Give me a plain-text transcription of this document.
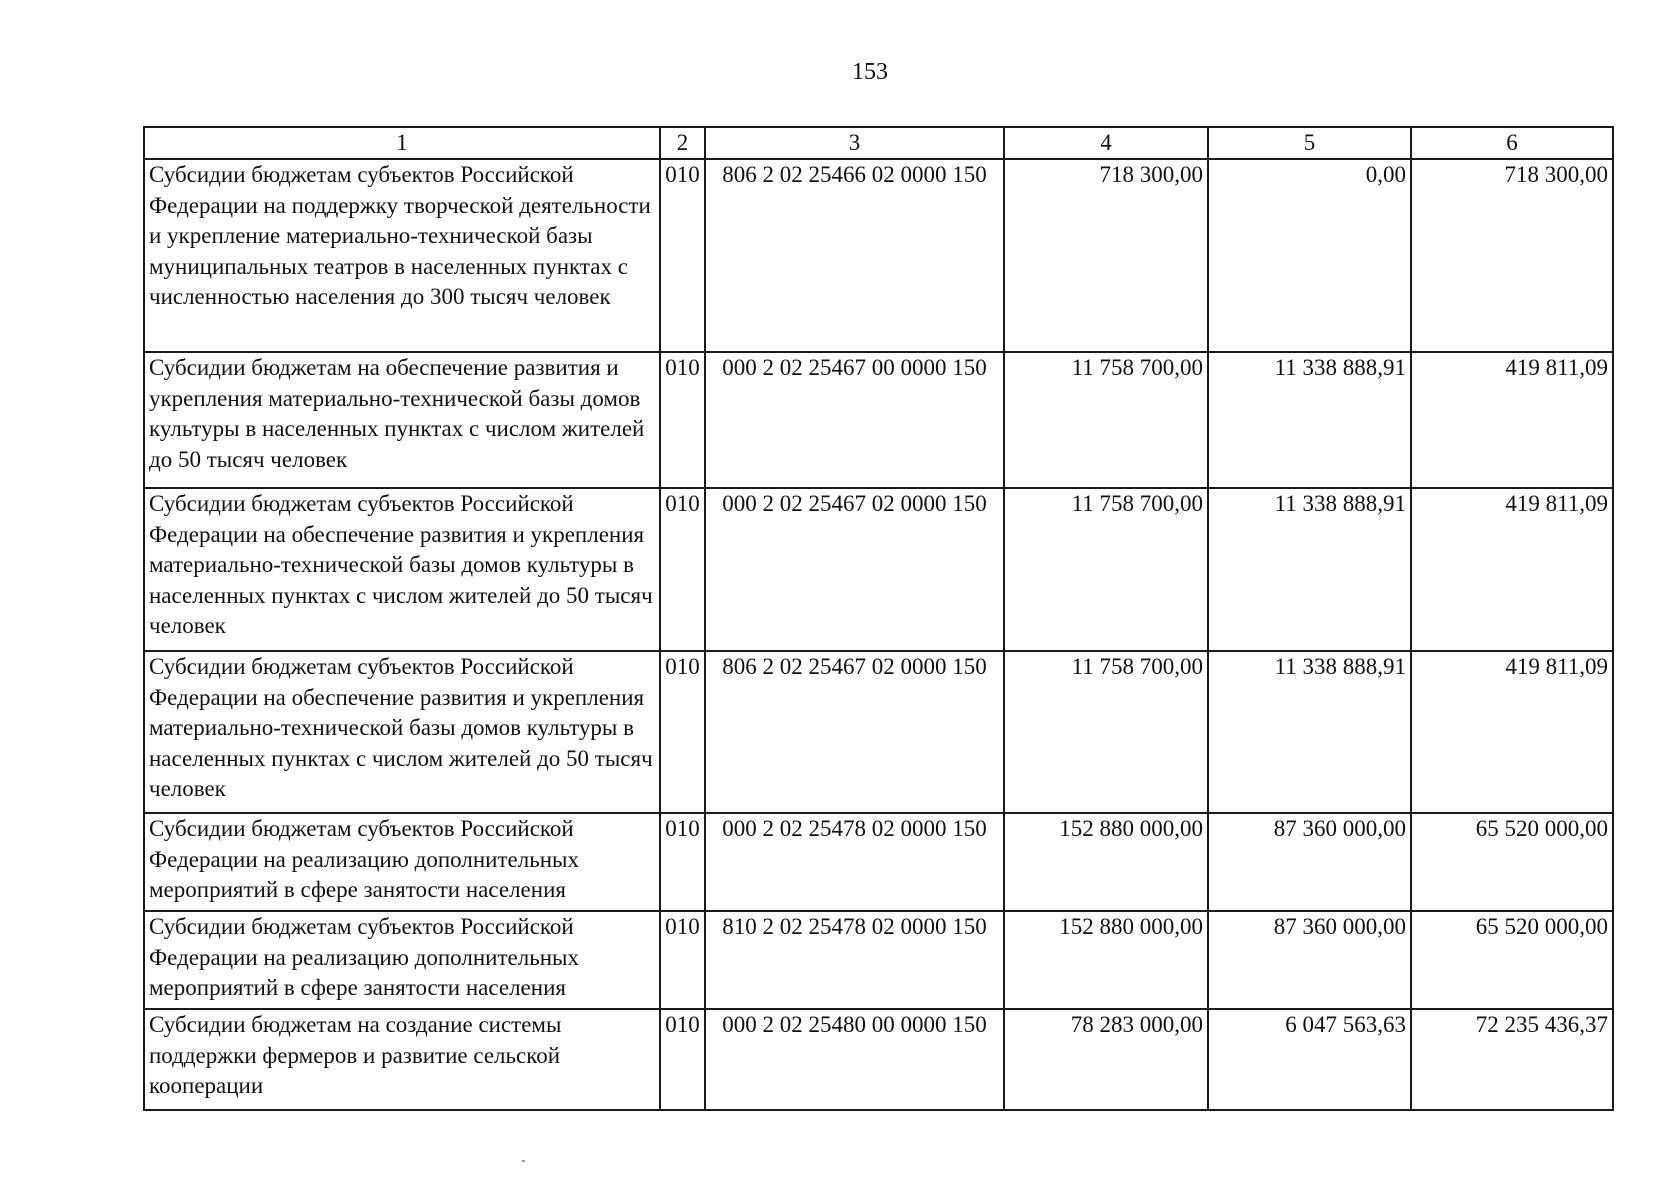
153
1	2	3	4	5	6
Субсидии бюджетам субъектов Российской Федерации на поддержку творческой деятельности и укрепление материально-технической базы муниципальных театров в населенных пунктах с численностью населения до 300 тысяч человек	010	806 2 02 25466 02 0000 150	718 300,00	0,00	718 300,00
Субсидии бюджетам на обеспечение развития и укрепления материально-технической базы домов культуры в населенных пунктах с числом жителей до 50 тысяч человек	010	000 2 02 25467 00 0000 150	11 758 700,00	11 338 888,91	419 811,09
Субсидии бюджетам субъектов Российской Федерации на обеспечение развития и укрепления материально-технической базы домов культуры в населенных пунктах с числом жителей до 50 тысяч человек	010	000 2 02 25467 02 0000 150	11 758 700,00	11 338 888,91	419 811,09
Субсидии бюджетам субъектов Российской Федерации на обеспечение развития и укрепления материально-технической базы домов культуры в населенных пунктах с числом жителей до 50 тысяч человек	010	806 2 02 25467 02 0000 150	11 758 700,00	11 338 888,91	419 811,09
Субсидии бюджетам субъектов Российской Федерации на реализацию дополнительных мероприятий в сфере занятости населения	010	000 2 02 25478 02 0000 150	152 880 000,00	87 360 000,00	65 520 000,00
Субсидии бюджетам субъектов Российской Федерации на реализацию дополнительных мероприятий в сфере занятости населения	010	810 2 02 25478 02 0000 150	152 880 000,00	87 360 000,00	65 520 000,00
Субсидии бюджетам на создание системы поддержки фермеров и развитие сельской кооперации	010	000 2 02 25480 00 0000 150	78 283 000,00	6 047 563,63	72 235 436,37
